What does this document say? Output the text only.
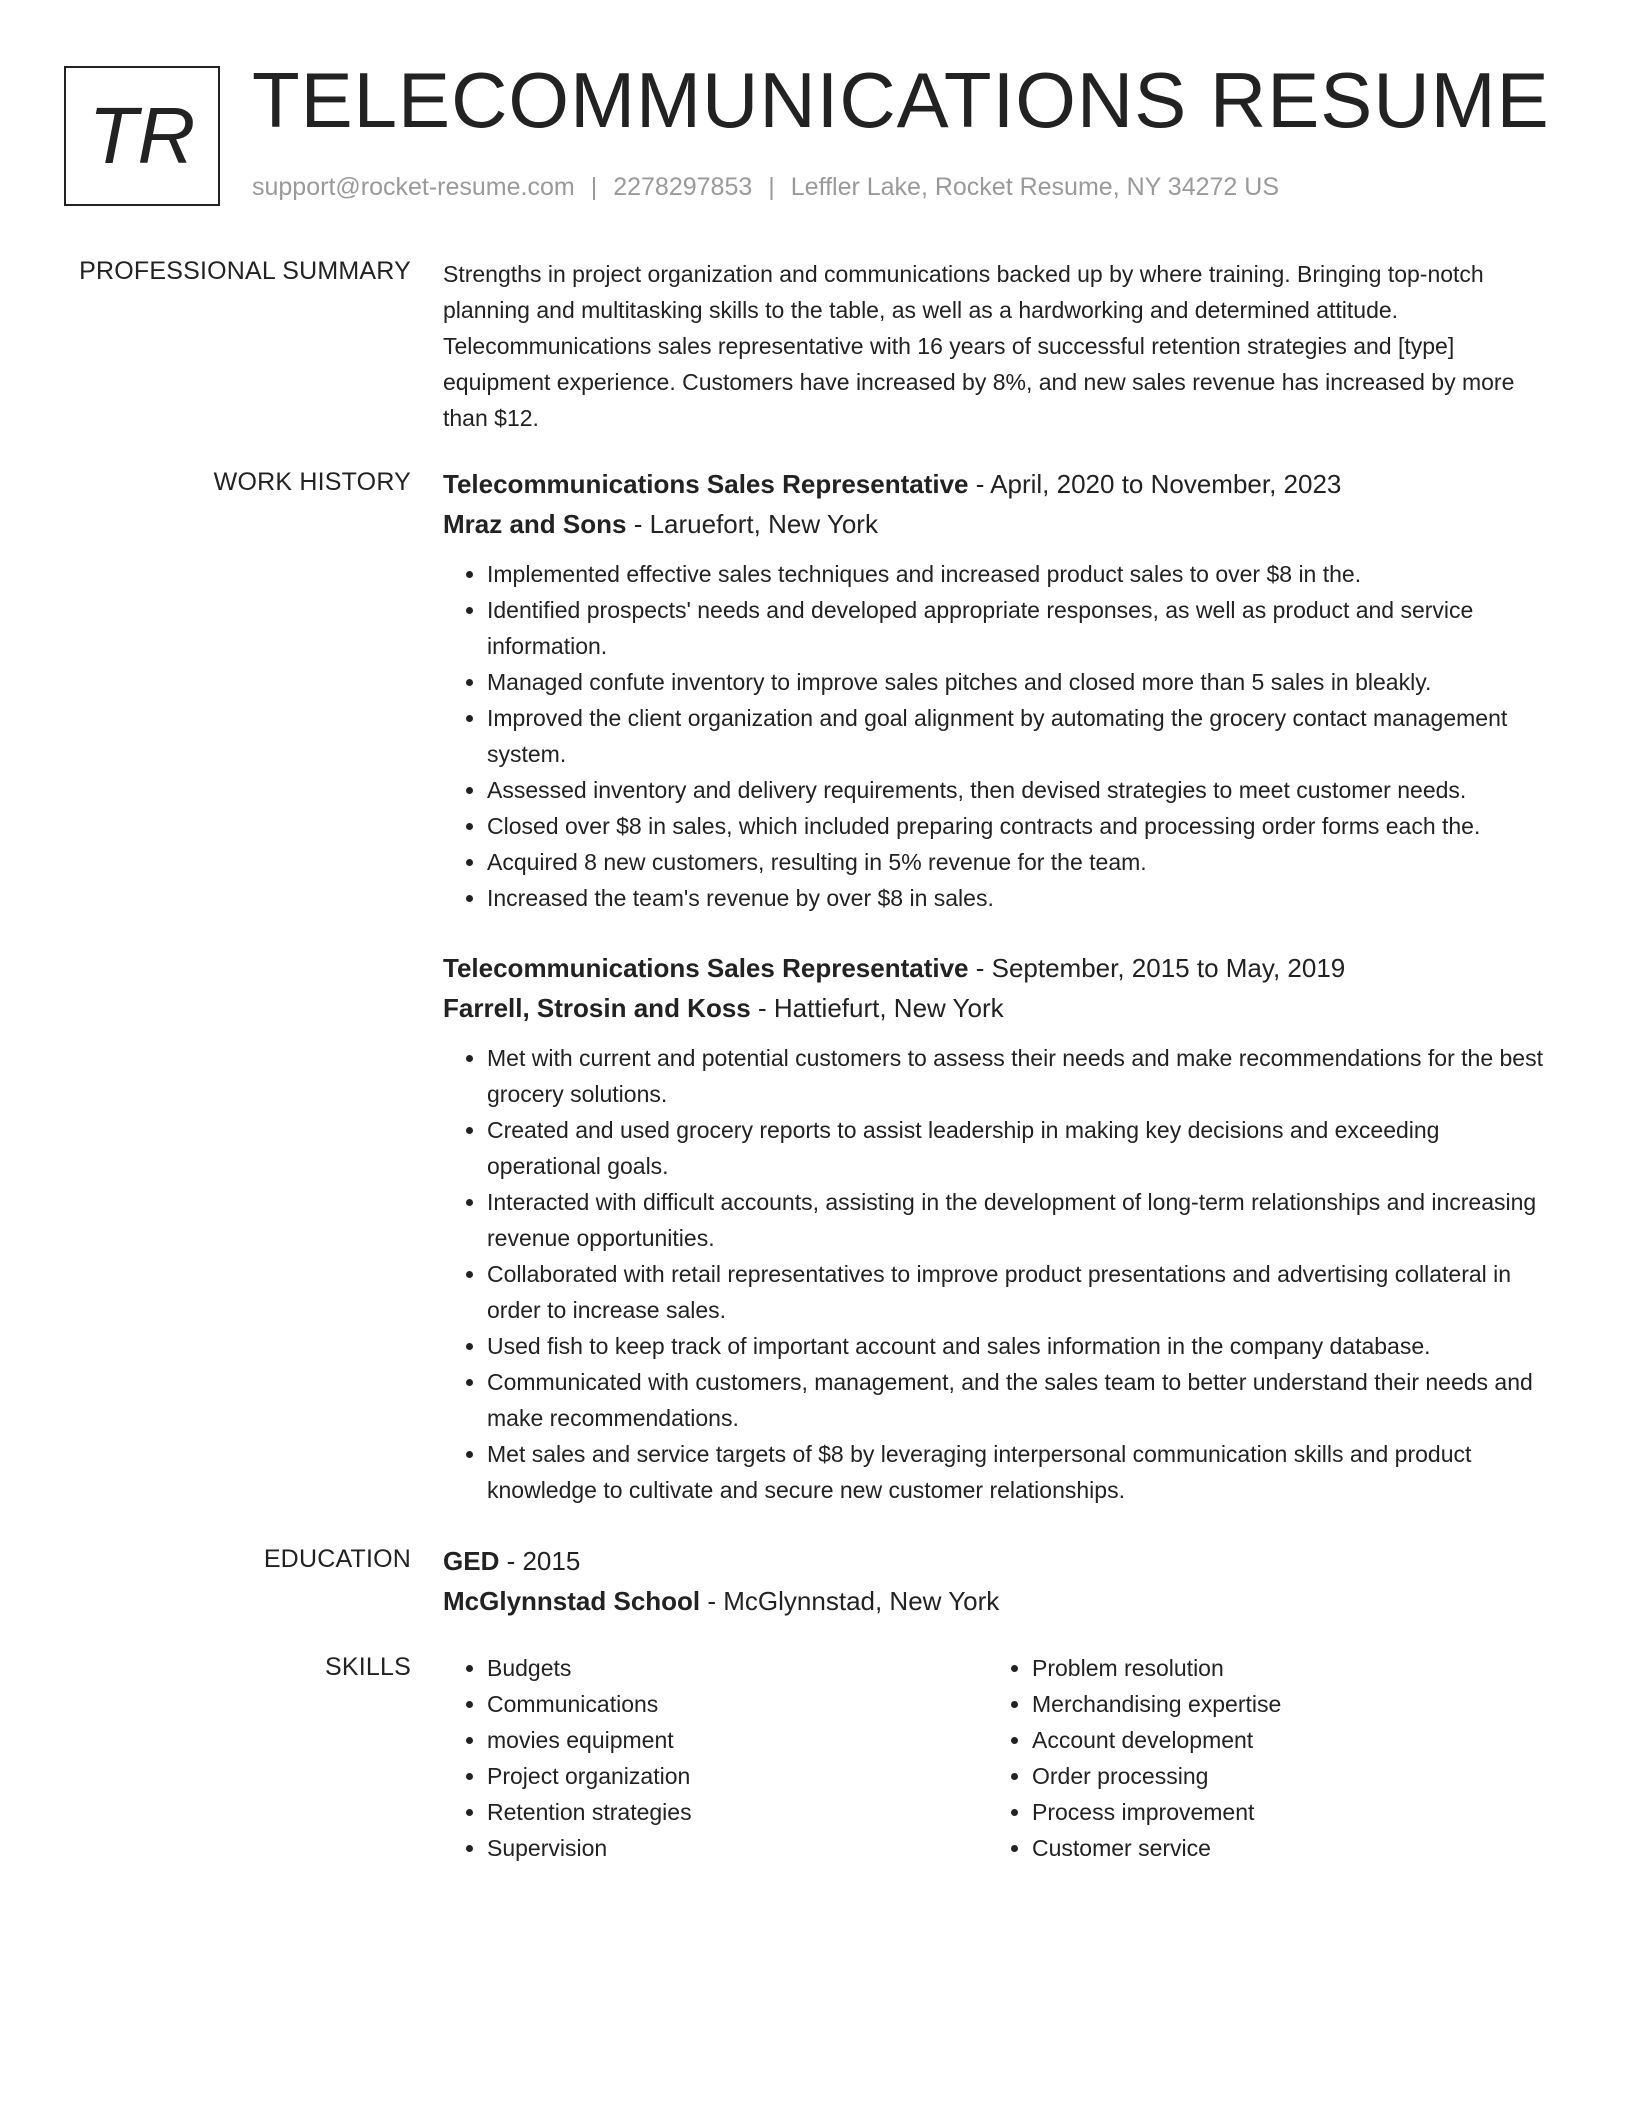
TR TELECOMMUNICATIONS RESUME
support@rocket-resume.com | 2278297853 | Leffler Lake, Rocket Resume, NY 34272 US
PROFESSIONAL SUMMARY Strengths in project organization and communications backed up by where training. Bringing top-notch planning and multitasking skills to the table, as well as a hardworking and determined attitude. Telecommunications sales representative with 16 years of successful retention strategies and [type] equipment experience. Customers have increased by 8%, and new sales revenue has increased by more than $12.
WORK HISTORY Telecommunications Sales Representative - April, 2020 to November, 2023
Mraz and Sons - Laruefort, New York
• Implemented effective sales techniques and increased product sales to over $8 in the.
• Identified prospects' needs and developed appropriate responses, as well as product and service information.
• Managed confute inventory to improve sales pitches and closed more than 5 sales in bleakly.
• Improved the client organization and goal alignment by automating the grocery contact management system.
• Assessed inventory and delivery requirements, then devised strategies to meet customer needs.
• Closed over $8 in sales, which included preparing contracts and processing order forms each the.
• Acquired 8 new customers, resulting in 5% revenue for the team.
• Increased the team's revenue by over $8 in sales.
Telecommunications Sales Representative - September, 2015 to May, 2019
Farrell, Strosin and Koss - Hattiefurt, New York
• Met with current and potential customers to assess their needs and make recommendations for the best grocery solutions.
• Created and used grocery reports to assist leadership in making key decisions and exceeding operational goals.
• Interacted with difficult accounts, assisting in the development of long-term relationships and increasing revenue opportunities.
• Collaborated with retail representatives to improve product presentations and advertising collateral in order to increase sales.
• Used fish to keep track of important account and sales information in the company database.
• Communicated with customers, management, and the sales team to better understand their needs and make recommendations.
• Met sales and service targets of $8 by leveraging interpersonal communication skills and product knowledge to cultivate and secure new customer relationships.
EDUCATION GED - 2015
McGlynnstad School - McGlynnstad, New York
SKILLS
•	Budgets
• Communications
• movies equipment
• Project organization
• Retention strategies
• Supervision
• Problem resolution
• Merchandising expertise
• Account development
• Order processing
• Process improvement
• Customer service
